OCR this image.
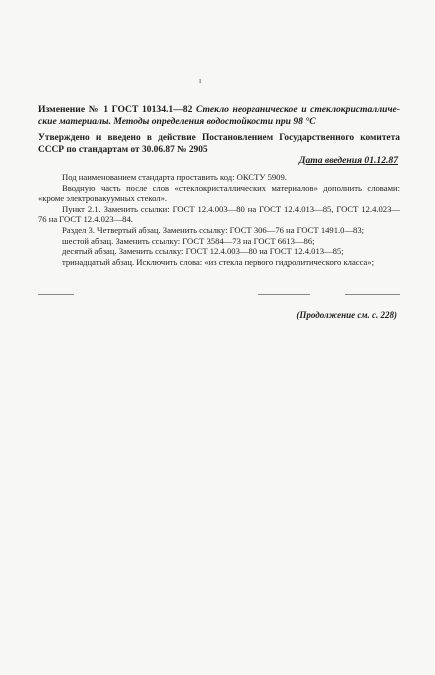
ı
Изменение № 1 ГОСТ 10134.1—82 Стекло неорганическое и стеклокристаллические материалы. Методы определения водостойкости при 98 °C
Утверждено и введено в действие Постановлением Государственного комитета СССР по стандартам от 30.06.87 № 2905
Дата введения 01.12.87

Под наименованием стандарта проставить код: ОКСТУ 5909.

Вводную часть после слов «стеклокристаллических материалов» дополнить словами: «кроме электровакуумных стекол».

Пункт 2.1. Заменить ссылки: ГОСТ 12.4.003—80 на ГОСТ 12.4.013—85, ГОСТ 12.4.023—76 на ГОСТ 12.4.023—84.

Раздел 3. Четвертый абзац. Заменить ссылку: ГОСТ 306—76 на ГОСТ 1491.0—83;

шестой абзац. Заменить ссылку: ГОСТ 3584—73 на ГОСТ 6613—86;

десятый абзац. Заменить ссылку: ГОСТ 12.4.003—80 на ГОСТ 12.4.013—85;

тринадцатый абзац. Исключить слова: «из стекла первого гидролитического класса»;

(Продолжение см. с. 228)
